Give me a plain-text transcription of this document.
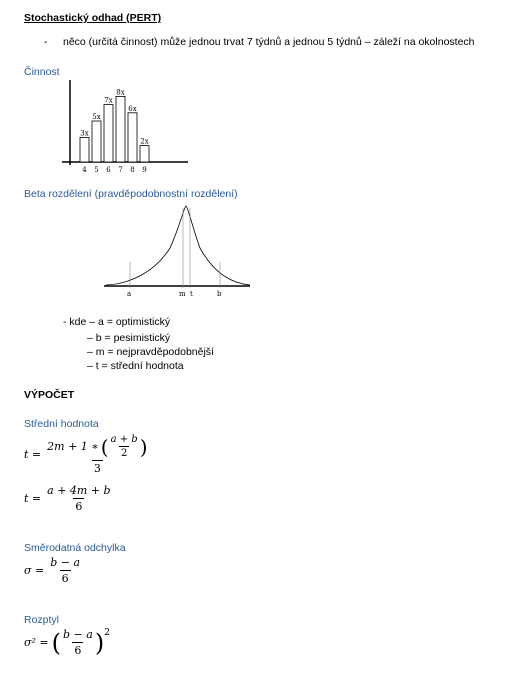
Stochastický odhad (PERT)
- něco (určitá činnost) může jednou trvat 7 týdnů a jednou 5 týdnů – záleží na okolnostech
Činnost
3x
4
5x
5
7x
6
8x
7
6x
8
2x
9
Beta rozdělení (pravděpodobnostní rozdělení)
a	m t	b
- kde – a = optimistický
– b = pesimistický
– m = nejpravděpodobnější
– t = střední hodnota
VÝPOČET
Střední hodnota
t =
2m + 1 ∗ ( $\frac{a + b}{2}$ )
3
$t = \frac{a + 4m + b}{6}$
Směrodatná odchylka
$\sigma = \frac{b - a}{6}$
Rozptyl
σ² = ( $\frac{b - a}{6} )^2$
